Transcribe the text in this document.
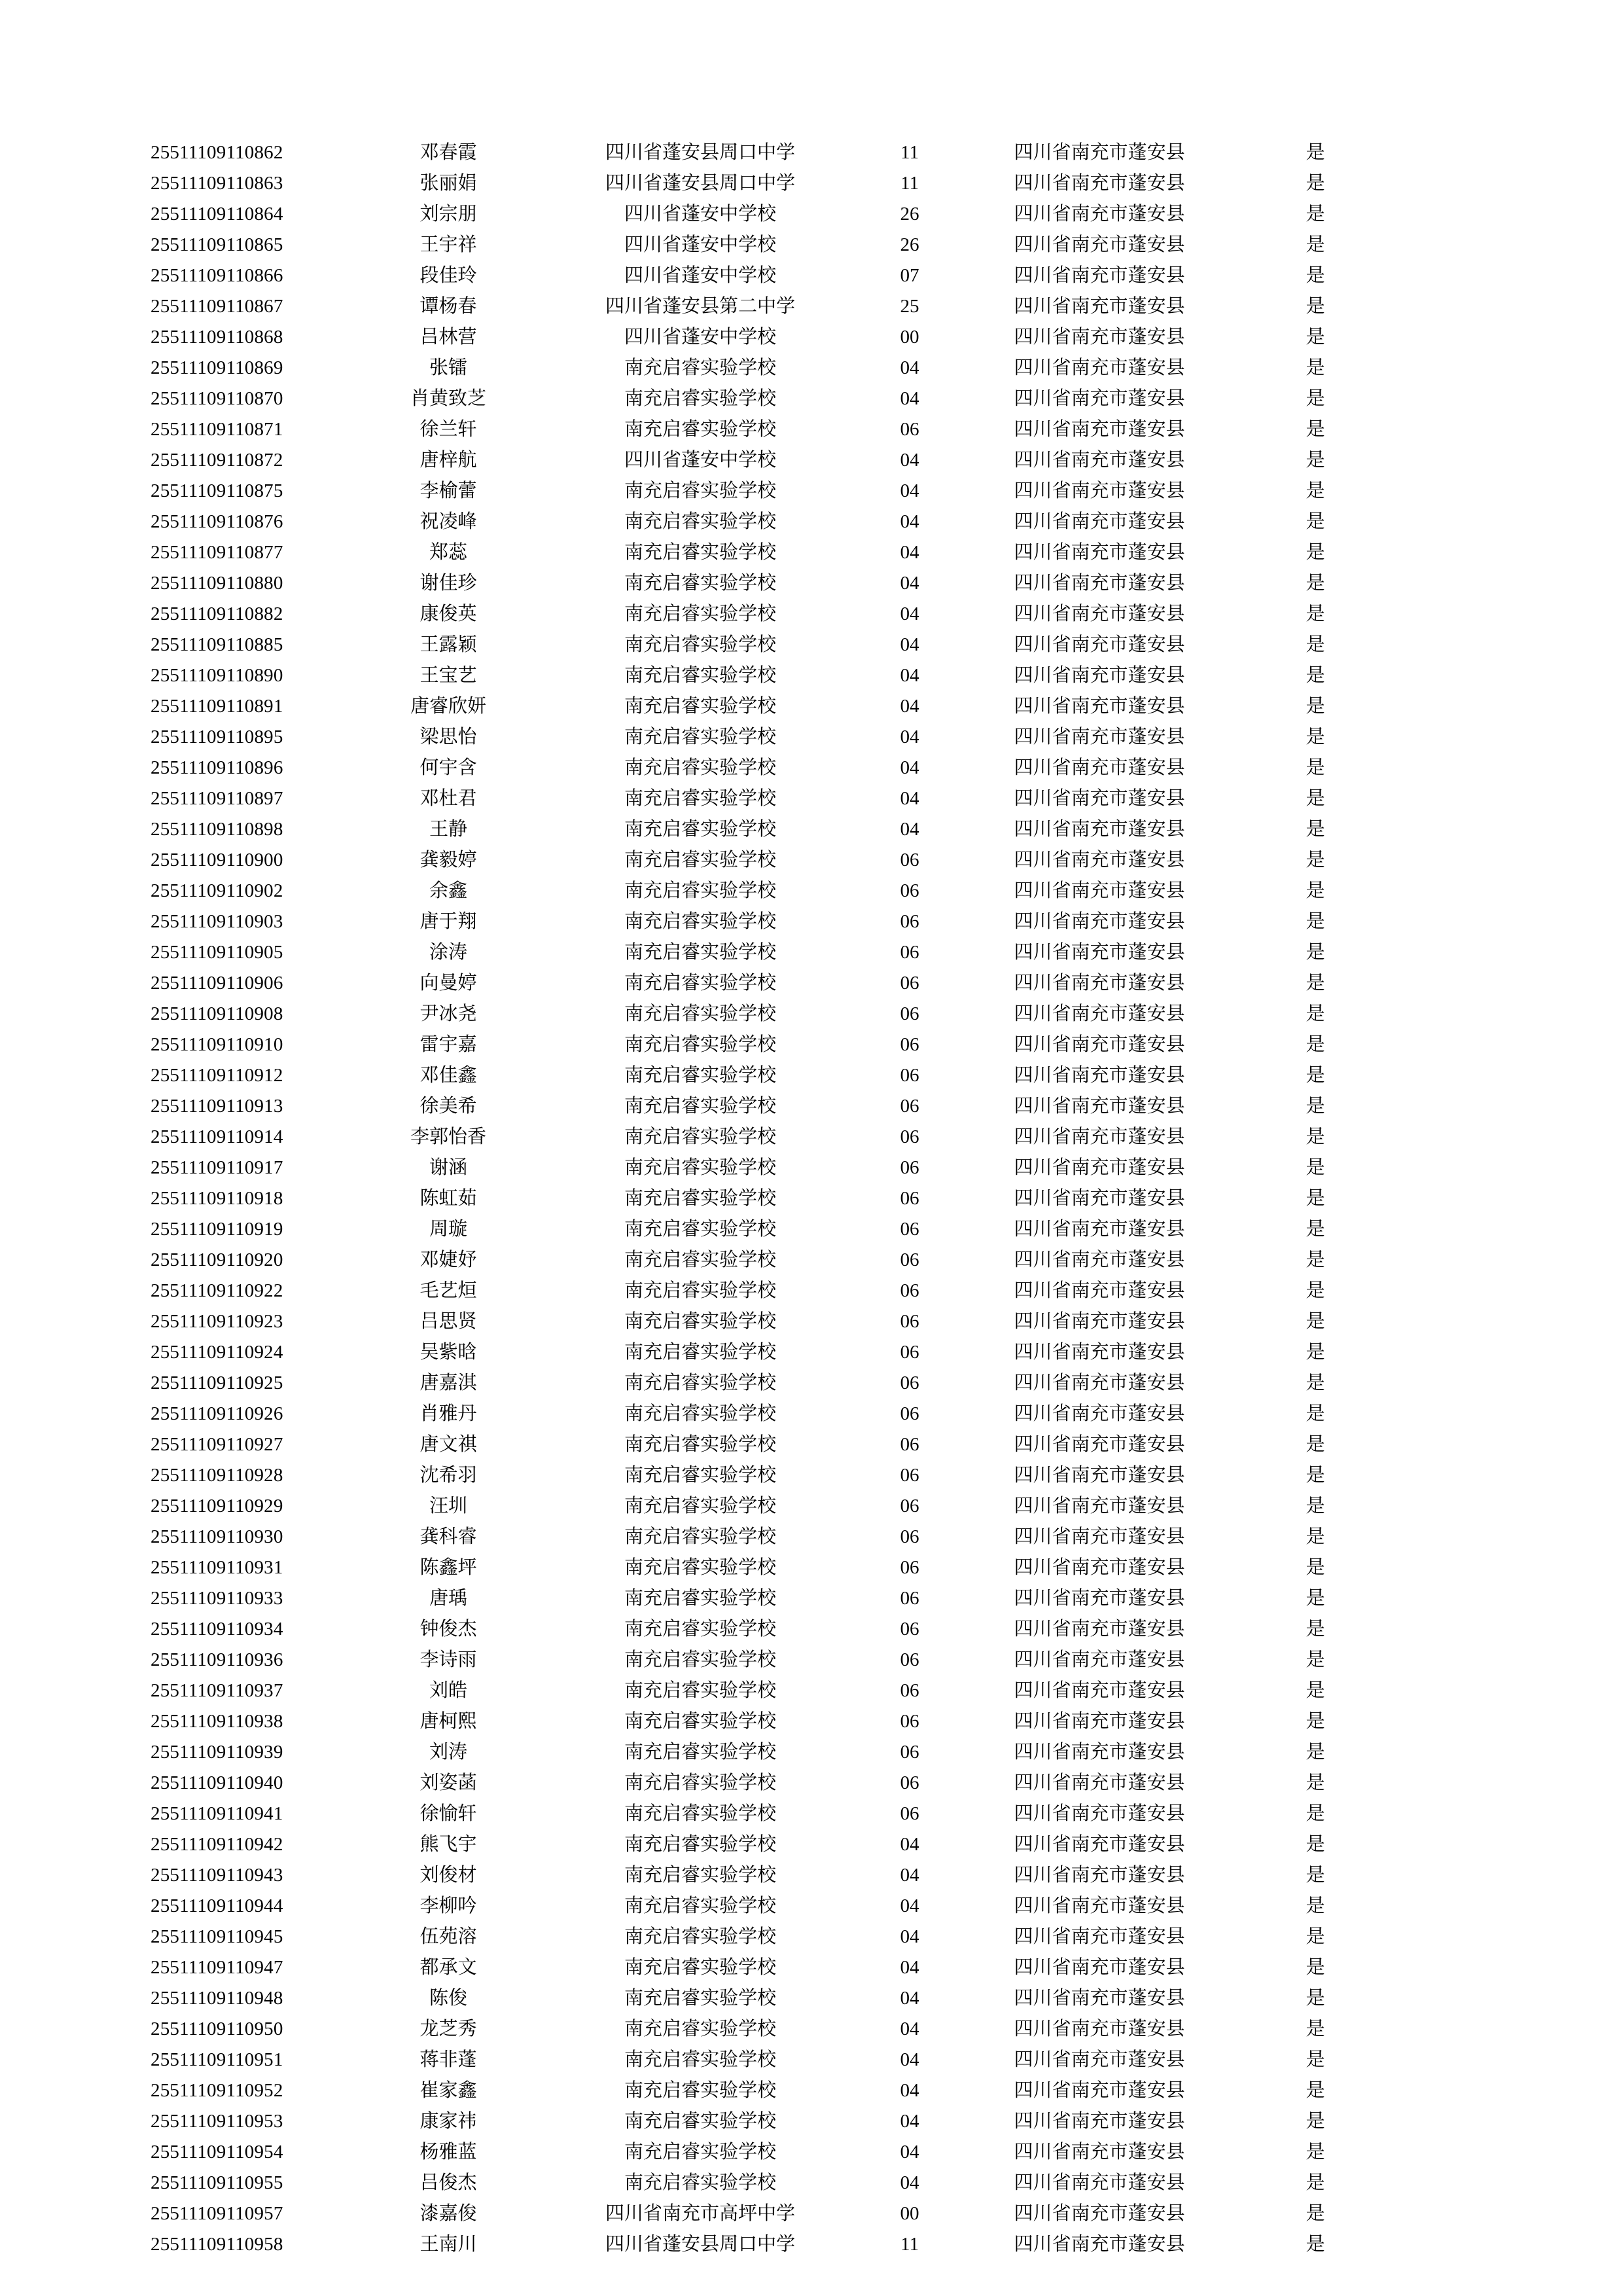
25511109110862	邓春霞	四川省蓬安县周口中学	11	四川省南充市蓬安县	是	
25511109110863	张丽娟	四川省蓬安县周口中学	11	四川省南充市蓬安县	是	
25511109110864	刘宗朋	四川省蓬安中学校	26	四川省南充市蓬安县	是	
25511109110865	王宇祥	四川省蓬安中学校	26	四川省南充市蓬安县	是	
25511109110866	段佳玲	四川省蓬安中学校	07	四川省南充市蓬安县	是	
25511109110867	谭杨春	四川省蓬安县第二中学	25	四川省南充市蓬安县	是	
25511109110868	吕林营	四川省蓬安中学校	00	四川省南充市蓬安县	是	
25511109110869	张镭	南充启睿实验学校	04	四川省南充市蓬安县	是	
25511109110870	肖黄致芝	南充启睿实验学校	04	四川省南充市蓬安县	是	
25511109110871	徐兰轩	南充启睿实验学校	06	四川省南充市蓬安县	是	
25511109110872	唐梓航	四川省蓬安中学校	04	四川省南充市蓬安县	是	
25511109110875	李榆蕾	南充启睿实验学校	04	四川省南充市蓬安县	是	
25511109110876	祝凌峰	南充启睿实验学校	04	四川省南充市蓬安县	是	
25511109110877	郑蕊	南充启睿实验学校	04	四川省南充市蓬安县	是	
25511109110880	谢佳珍	南充启睿实验学校	04	四川省南充市蓬安县	是	
25511109110882	康俊英	南充启睿实验学校	04	四川省南充市蓬安县	是	
25511109110885	王露颖	南充启睿实验学校	04	四川省南充市蓬安县	是	
25511109110890	王宝艺	南充启睿实验学校	04	四川省南充市蓬安县	是	
25511109110891	唐睿欣妍	南充启睿实验学校	04	四川省南充市蓬安县	是	
25511109110895	梁思怡	南充启睿实验学校	04	四川省南充市蓬安县	是	
25511109110896	何宇含	南充启睿实验学校	04	四川省南充市蓬安县	是	
25511109110897	邓杜君	南充启睿实验学校	04	四川省南充市蓬安县	是	
25511109110898	王静	南充启睿实验学校	04	四川省南充市蓬安县	是	
25511109110900	龚毅婷	南充启睿实验学校	06	四川省南充市蓬安县	是	
25511109110902	余鑫	南充启睿实验学校	06	四川省南充市蓬安县	是	
25511109110903	唐于翔	南充启睿实验学校	06	四川省南充市蓬安县	是	
25511109110905	涂涛	南充启睿实验学校	06	四川省南充市蓬安县	是	
25511109110906	向曼婷	南充启睿实验学校	06	四川省南充市蓬安县	是	
25511109110908	尹冰尧	南充启睿实验学校	06	四川省南充市蓬安县	是	
25511109110910	雷宇嘉	南充启睿实验学校	06	四川省南充市蓬安县	是	
25511109110912	邓佳鑫	南充启睿实验学校	06	四川省南充市蓬安县	是	
25511109110913	徐美希	南充启睿实验学校	06	四川省南充市蓬安县	是	
25511109110914	李郭怡香	南充启睿实验学校	06	四川省南充市蓬安县	是	
25511109110917	谢涵	南充启睿实验学校	06	四川省南充市蓬安县	是	
25511109110918	陈虹茹	南充启睿实验学校	06	四川省南充市蓬安县	是	
25511109110919	周璇	南充启睿实验学校	06	四川省南充市蓬安县	是	
25511109110920	邓婕妤	南充启睿实验学校	06	四川省南充市蓬安县	是	
25511109110922	毛艺烜	南充启睿实验学校	06	四川省南充市蓬安县	是	
25511109110923	吕思贤	南充启睿实验学校	06	四川省南充市蓬安县	是	
25511109110924	吴紫晗	南充启睿实验学校	06	四川省南充市蓬安县	是	
25511109110925	唐嘉淇	南充启睿实验学校	06	四川省南充市蓬安县	是	
25511109110926	肖雅丹	南充启睿实验学校	06	四川省南充市蓬安县	是	
25511109110927	唐文祺	南充启睿实验学校	06	四川省南充市蓬安县	是	
25511109110928	沈希羽	南充启睿实验学校	06	四川省南充市蓬安县	是	
25511109110929	汪圳	南充启睿实验学校	06	四川省南充市蓬安县	是	
25511109110930	龚科睿	南充启睿实验学校	06	四川省南充市蓬安县	是	
25511109110931	陈鑫坪	南充启睿实验学校	06	四川省南充市蓬安县	是	
25511109110933	唐瑀	南充启睿实验学校	06	四川省南充市蓬安县	是	
25511109110934	钟俊杰	南充启睿实验学校	06	四川省南充市蓬安县	是	
25511109110936	李诗雨	南充启睿实验学校	06	四川省南充市蓬安县	是	
25511109110937	刘皓	南充启睿实验学校	06	四川省南充市蓬安县	是	
25511109110938	唐柯熙	南充启睿实验学校	06	四川省南充市蓬安县	是	
25511109110939	刘涛	南充启睿实验学校	06	四川省南充市蓬安县	是	
25511109110940	刘姿菡	南充启睿实验学校	06	四川省南充市蓬安县	是	
25511109110941	徐愉轩	南充启睿实验学校	06	四川省南充市蓬安县	是	
25511109110942	熊飞宇	南充启睿实验学校	04	四川省南充市蓬安县	是	
25511109110943	刘俊材	南充启睿实验学校	04	四川省南充市蓬安县	是	
25511109110944	李柳吟	南充启睿实验学校	04	四川省南充市蓬安县	是	
25511109110945	伍苑溶	南充启睿实验学校	04	四川省南充市蓬安县	是	
25511109110947	都承文	南充启睿实验学校	04	四川省南充市蓬安县	是	
25511109110948	陈俊	南充启睿实验学校	04	四川省南充市蓬安县	是	
25511109110950	龙芝秀	南充启睿实验学校	04	四川省南充市蓬安县	是	
25511109110951	蒋非蓬	南充启睿实验学校	04	四川省南充市蓬安县	是	
25511109110952	崔家鑫	南充启睿实验学校	04	四川省南充市蓬安县	是	
25511109110953	康家祎	南充启睿实验学校	04	四川省南充市蓬安县	是	
25511109110954	杨雅蓝	南充启睿实验学校	04	四川省南充市蓬安县	是	
25511109110955	吕俊杰	南充启睿实验学校	04	四川省南充市蓬安县	是	
25511109110957	漆嘉俊	四川省南充市高坪中学	00	四川省南充市蓬安县	是	
25511109110958	王南川	四川省蓬安县周口中学	11	四川省南充市蓬安县	是	
